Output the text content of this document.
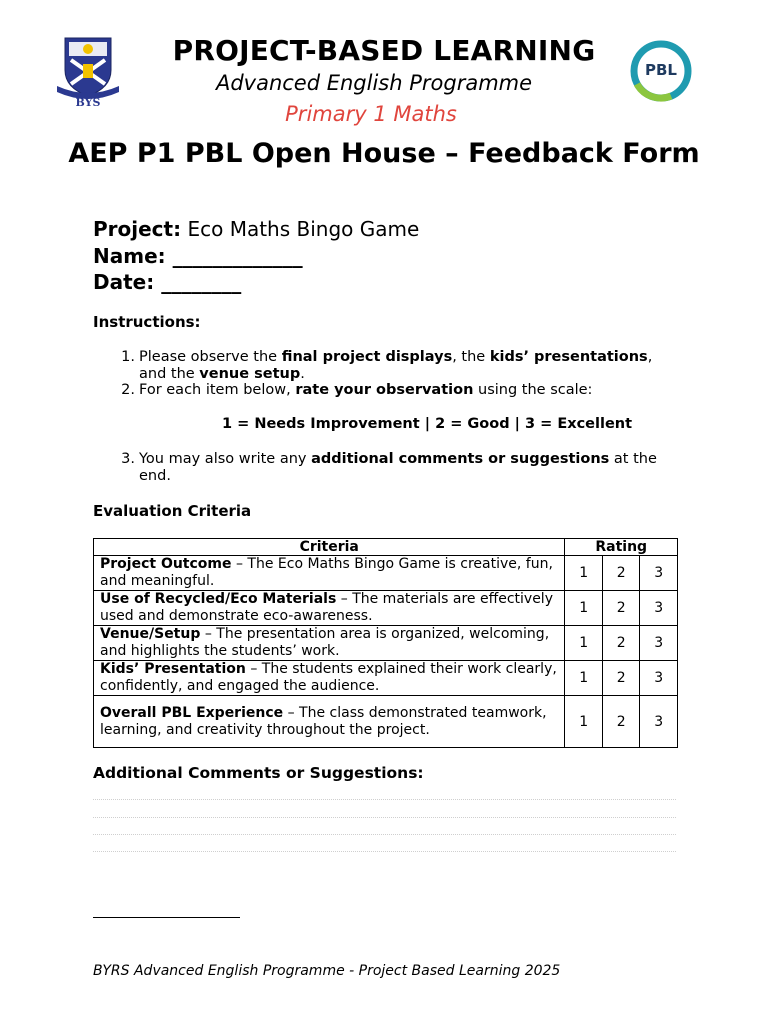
BYS
PBL
PROJECT-BASED LEARNING
Advanced English Programme
Primary 1 Maths
AEP P1 PBL Open House – Feedback Form
Project: Eco Maths Bingo Game
Name: _____________
Date: ________
Instructions:
1. Please observe the final project displays, the kids’ presentations, and the venue setup.
2. For each item below, rate your observation using the scale:
1 = Needs Improvement | 2 = Good | 3 = Excellent
3. You may also write any additional comments or suggestions at the end.
Evaluation Criteria
Criteria	Rating		
Project Outcome – The Eco Maths Bingo Game is creative, fun, and meaningful.	1	2	3
Use of Recycled/Eco Materials – The materials are effectively used and demonstrate eco-awareness.	1	2	3
Venue/Setup – The presentation area is organized, welcoming, and highlights the students’ work.	1	2	3
Kids’ Presentation – The students explained their work clearly, confidently, and engaged the audience.	1	2	3
Overall PBL Experience – The class demonstrated teamwork, learning, and creativity throughout the project.	1	2	3
Additional Comments or Suggestions:
BYRS Advanced English Programme - Project Based Learning 2025
